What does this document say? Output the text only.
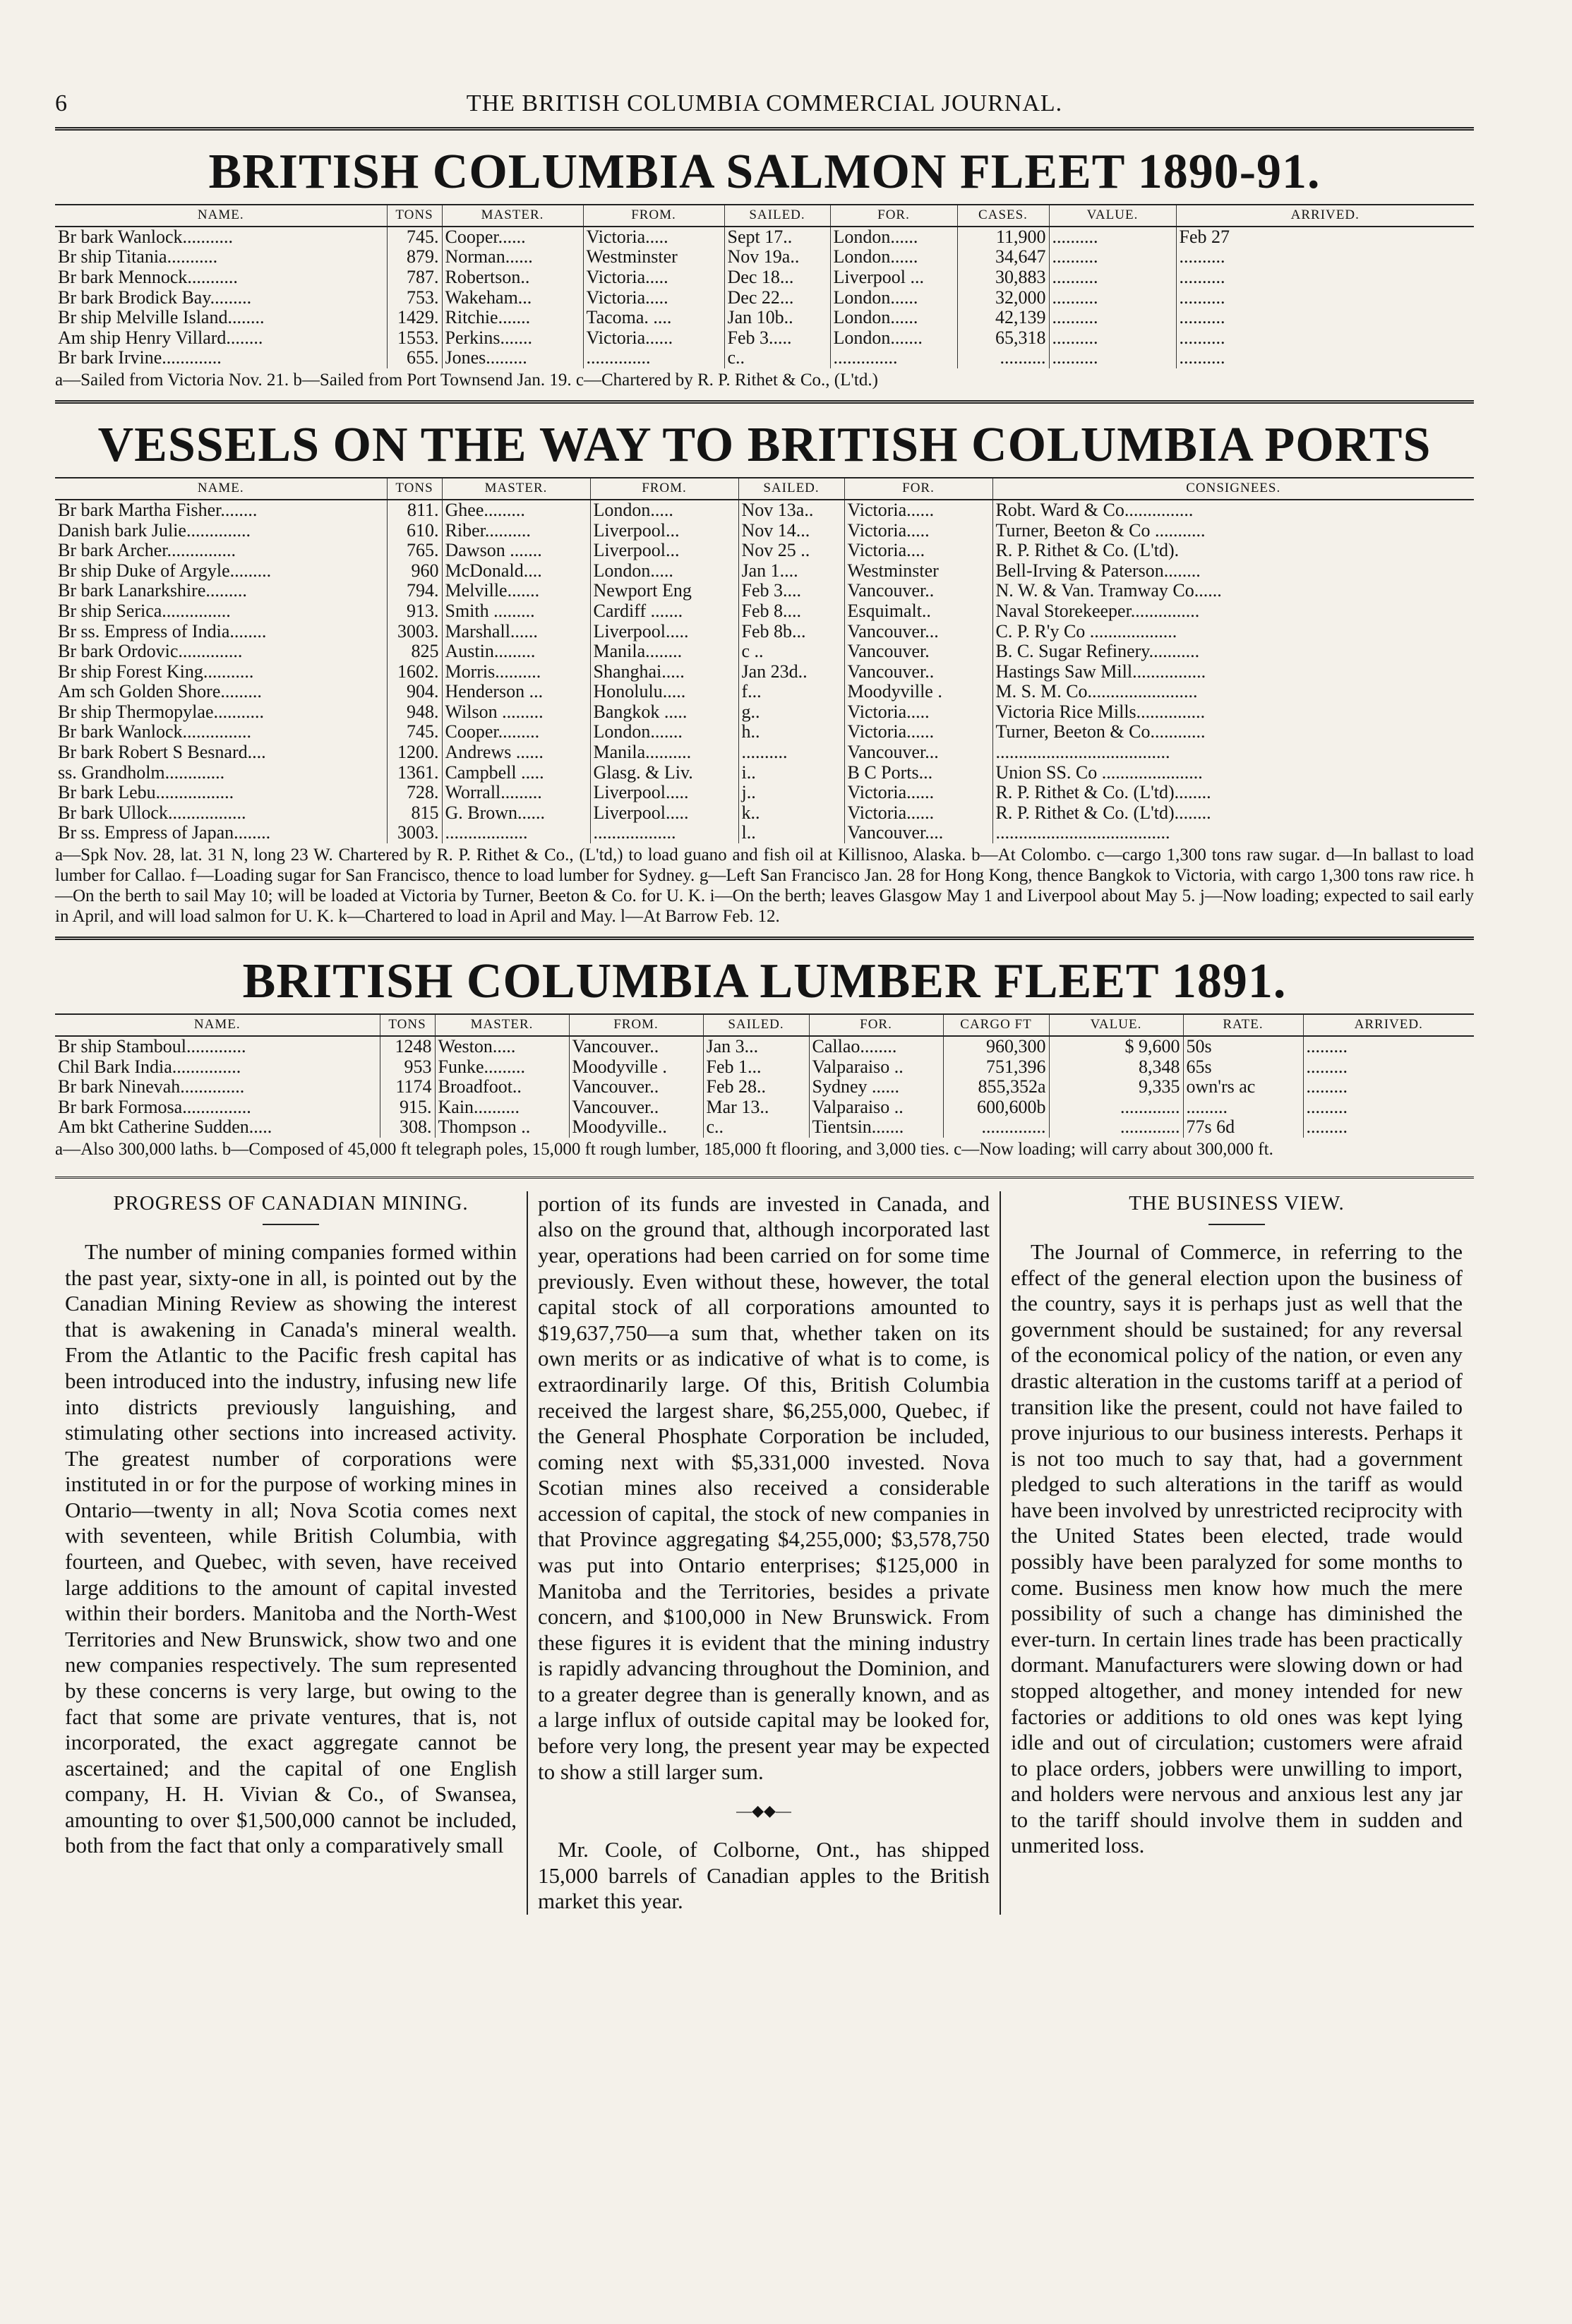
6	THE BRITISH COLUMBIA COMMERCIAL JOURNAL.
BRITISH COLUMBIA SALMON FLEET 1890-91.
NAME.	TONS	MASTER.	FROM.	SAILED.	FOR.	CASES.	VALUE.	ARRIVED.
Br bark Wanlock...........	745.	Cooper......	Victoria.....	Sept 17..	London......	11,900	..........	Feb 27
Br ship Titania...........	879.	Norman......	Westminster	Nov 19a..	London......	34,647	..........	..........
Br bark Mennock...........	787.	Robertson..	Victoria.....	Dec 18...	Liverpool ...	30,883	..........	..........
Br bark Brodick Bay.........	753.	Wakeham...	Victoria.....	Dec 22...	London......	32,000	..........	..........
Br ship Melville Island........	1429.	Ritchie.......	Tacoma. ....	Jan 10b..	London......	42,139	..........	..........
Am ship Henry Villard........	1553.	Perkins.......	Victoria......	Feb 3.....	London.......	65,318	..........	..........
Br bark Irvine.............	655.	Jones.........	..............	c..	..............	..........	..........	..........

a—Sailed from Victoria Nov. 21. b—Sailed from Port Townsend Jan. 19. c—Chartered by R. P. Rithet & Co., (L'td.)

VESSELS ON THE WAY TO BRITISH COLUMBIA PORTS
NAME.	TONS	MASTER.	FROM.	SAILED.	FOR.	CONSIGNEES.
Br bark Martha Fisher........	811.	Ghee.........	London.....	Nov 13a..	Victoria......	Robt. Ward & Co...............
Danish bark Julie..............	610.	Riber..........	Liverpool...	Nov 14...	Victoria.....	Turner, Beeton & Co ...........
Br bark Archer...............	765.	Dawson .......	Liverpool...	Nov 25 ..	Victoria....	R. P. Rithet & Co. (L'td).
Br ship Duke of Argyle.........	960	McDonald....	London.....	Jan 1....	Westminster	Bell-Irving & Paterson........
Br bark Lanarkshire.........	794.	Melville.......	Newport Eng	Feb 3....	Vancouver..	N. W. & Van. Tramway Co......
Br ship Serica...............	913.	Smith .........	Cardiff .......	Feb 8....	Esquimalt..	Naval Storekeeper...............
Br ss. Empress of India........	3003.	Marshall......	Liverpool.....	Feb 8b...	Vancouver...	C. P. R'y Co ...................
Br bark Ordovic..............	825	Austin.........	Manila........	c ..	Vancouver.	B. C. Sugar Refinery...........
Br ship Forest King...........	1602.	Morris..........	Shanghai.....	Jan 23d..	Vancouver..	Hastings Saw Mill................
Am sch Golden Shore.........	904.	Henderson ...	Honolulu.....	f...	Moodyville .	M. S. M. Co........................
Br ship Thermopylae...........	948.	Wilson .........	Bangkok .....	g..	Victoria.....	Victoria Rice Mills...............
Br bark Wanlock...............	745.	Cooper.........	London.......	h..	Victoria......	Turner, Beeton & Co............
Br bark Robert S Besnard....	1200.	Andrews ......	Manila..........	..........	Vancouver...	......................................
ss. Grandholm.............	1361.	Campbell .....	Glasg. & Liv.	i..	B C Ports...	Union SS. Co ......................
Br bark Lebu.................	728.	Worrall.........	Liverpool.....	j..	Victoria......	R. P. Rithet & Co. (L'td)........
Br bark Ullock.................	815	G. Brown......	Liverpool.....	k..	Victoria......	R. P. Rithet & Co. (L'td)........
Br ss. Empress of Japan........	3003.	..................	..................	l..	Vancouver....	......................................

a—Spk Nov. 28, lat. 31 N, long 23 W. Chartered by R. P. Rithet & Co., (L'td,) to load guano and fish oil at Killisnoo, Alaska. b—At Colombo. c—cargo 1,300 tons raw sugar. d—In ballast to load lumber for Callao. f—Loading sugar for San Francisco, thence to load lumber for Sydney. g—Left San Francisco Jan. 28 for Hong Kong, thence Bangkok to Victoria, with cargo 1,300 tons raw rice. h—On the berth to sail May 10; will be loaded at Victoria by Turner, Beeton & Co. for U. K. i—On the berth; leaves Glasgow May 1 and Liverpool about May 5. j—Now loading; expected to sail early in April, and will load salmon for U. K. k—Chartered to load in April and May. l—At Barrow Feb. 12.

BRITISH COLUMBIA LUMBER FLEET 1891.
NAME.	TONS	MASTER.	FROM.	SAILED.	FOR.	CARGO FT	VALUE.	RATE.	ARRIVED.
Br ship Stamboul.............	1248	Weston.....	Vancouver..	Jan 3...	Callao........	960,300	$ 9,600	50s	.........
Chil Bark India...............	953	Funke.........	Moodyville .	Feb 1...	Valparaiso ..	751,396	8,348	65s	.........
Br bark Ninevah..............	1174	Broadfoot..	Vancouver..	Feb 28..	Sydney ......	855,352a	9,335	own'rs ac	.........
Br bark Formosa...............	915.	Kain..........	Vancouver..	Mar 13..	Valparaiso ..	600,600b	.............	.........	.........
Am bkt Catherine Sudden.....	308.	Thompson ..	Moodyville..	c..	Tientsin.......	..............	.............	77s 6d	.........

a—Also 300,000 laths. b—Composed of 45,000 ft telegraph poles, 15,000 ft rough lumber, 185,000 ft flooring, and 3,000 ties. c—Now loading; will carry about 300,000 ft.

PROGRESS OF CANADIAN MINING.

The number of mining companies formed within the past year, sixty-one in all, is pointed out by the Canadian Mining Review as showing the interest that is awakening in Canada's mineral wealth. From the Atlantic to the Pacific fresh capital has been introduced into the industry, infusing new life into districts previously languishing, and stimulating other sections into increased activity. The greatest number of corporations were instituted in or for the purpose of working mines in Ontario—twenty in all; Nova Scotia comes next with seventeen, while British Columbia, with fourteen, and Quebec, with seven, have received large additions to the amount of capital invested within their borders. Manitoba and the North-West Territories and New Brunswick, show two and one new companies respectively. The sum represented by these concerns is very large, but owing to the fact that some are private ventures, that is, not incorporated, the exact aggregate cannot be ascertained; and the capital of one English company, H. H. Vivian & Co., of Swansea, amounting to over $1,500,000 cannot be included, both from the fact that only a comparatively small

portion of its funds are invested in Canada, and also on the ground that, although incorporated last year, operations had been carried on for some time previously. Even without these, however, the total capital stock of all corporations amounted to $19,637,750—a sum that, whether taken on its own merits or as indicative of what is to come, is extraordinarily large. Of this, British Columbia received the largest share, $6,255,000, Quebec, if the General Phosphate Corporation be included, coming next with $5,331,000 invested. Nova Scotian mines also received a considerable accession of capital, the stock of new companies in that Province aggregating $4,255,000; $3,578,750 was put into Ontario enterprises; $125,000 in Manitoba and the Territories, besides a private concern, and $100,000 in New Brunswick. From these figures it is evident that the mining industry is rapidly advancing throughout the Dominion, and to a greater degree than is generally known, and as a large influx of outside capital may be looked for, before very long, the present year may be expected to show a still larger sum.

―◆◆―

Mr. Coole, of Colborne, Ont., has shipped 15,000 barrels of Canadian apples to the British market this year.

THE BUSINESS VIEW.

The Journal of Commerce, in referring to the effect of the general election upon the business of the country, says it is perhaps just as well that the government should be sustained; for any reversal of the economical policy of the nation, or even any drastic alteration in the customs tariff at a period of transition like the present, could not have failed to prove injurious to our business interests. Perhaps it is not too much to say that, had a government pledged to such alterations in the tariff as would have been involved by unrestricted reciprocity with the United States been elected, trade would possibly have been paralyzed for some months to come. Business men know how much the mere possibility of such a change has diminished the ever-turn. In certain lines trade has been practically dormant. Manufacturers were slowing down or had stopped altogether, and money intended for new factories or additions to old ones was kept lying idle and out of circulation; customers were afraid to place orders, jobbers were unwilling to import, and holders were nervous and anxious lest any jar to the tariff should involve them in sudden and unmerited loss.
